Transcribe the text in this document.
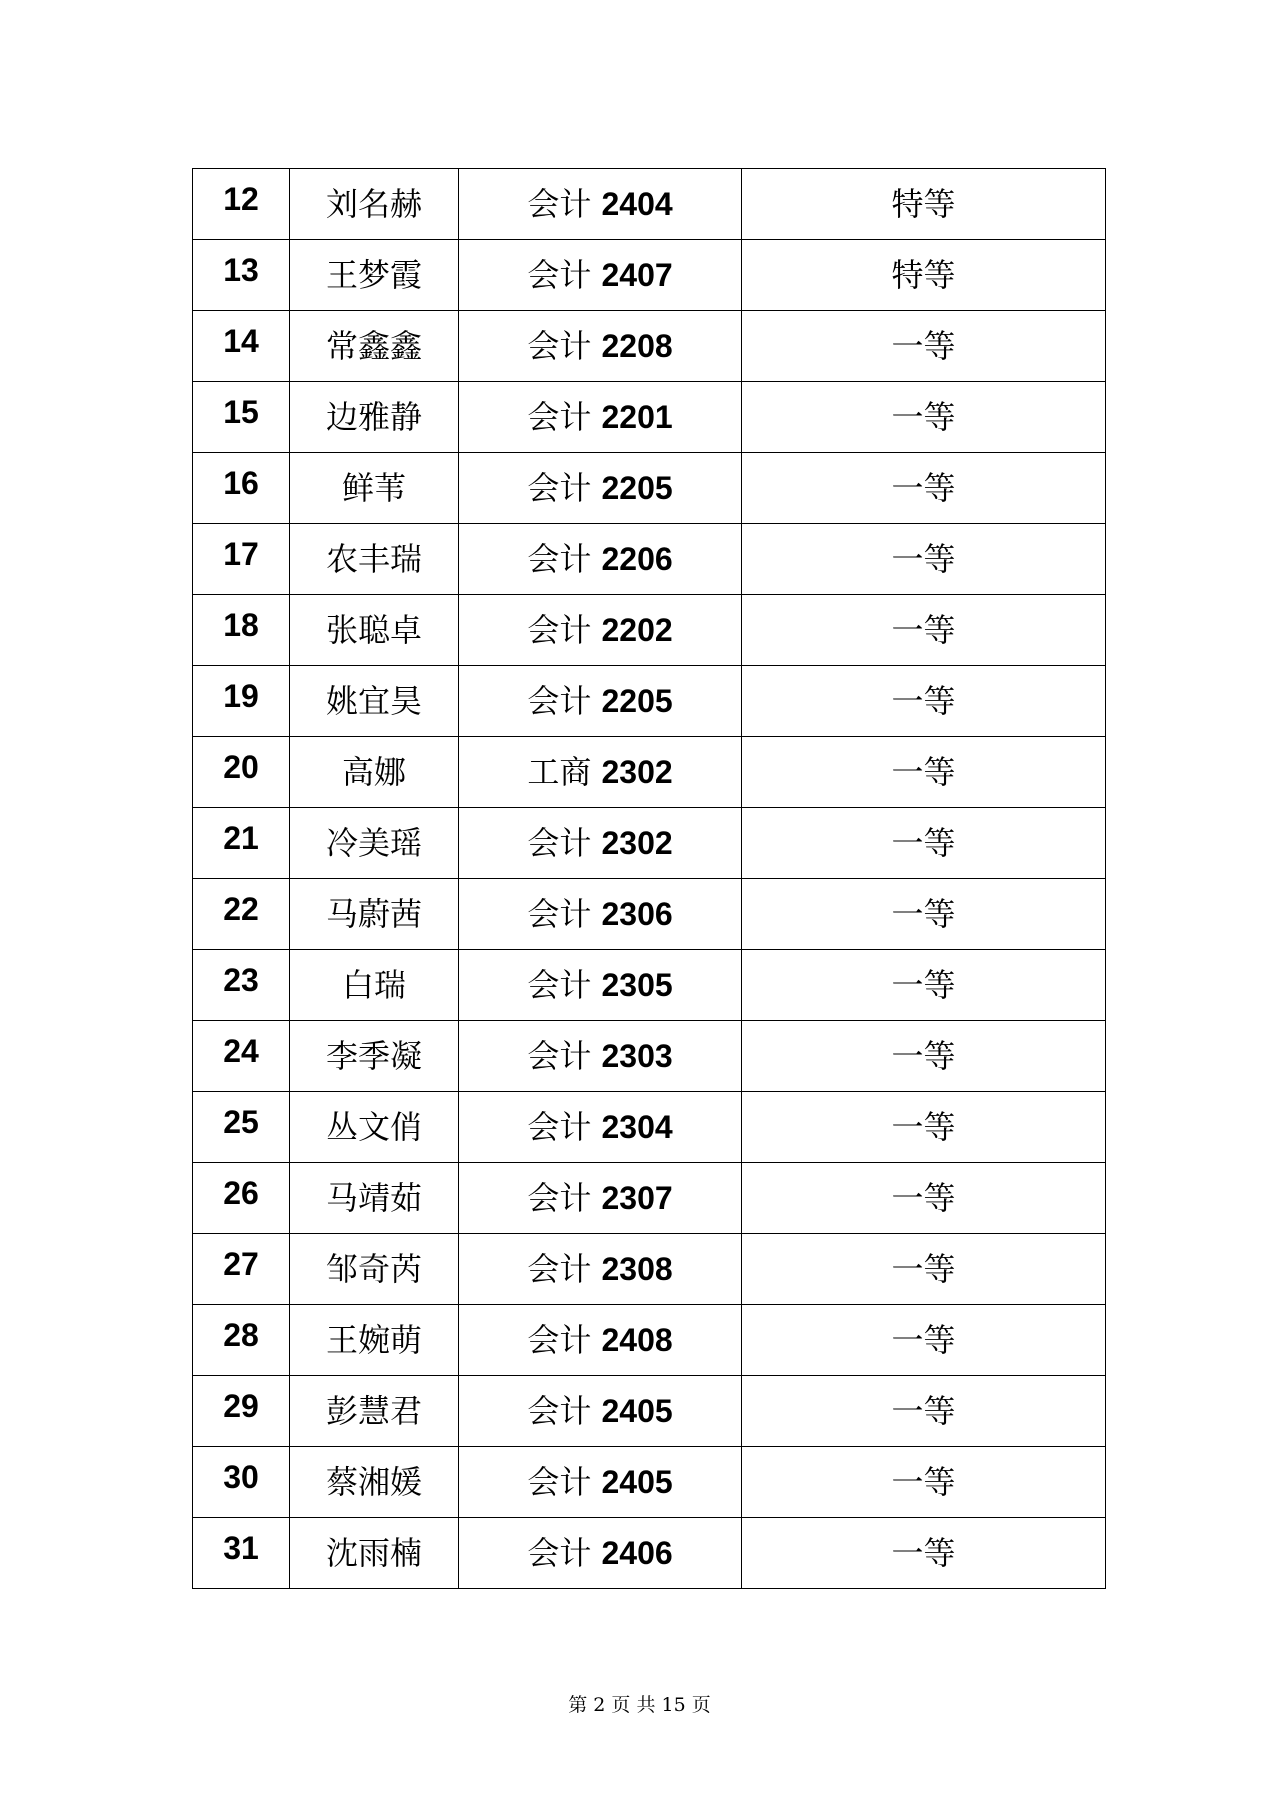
12	刘名赫	会计 2404	特等
13	王梦霞	会计 2407	特等
14	常鑫鑫	会计 2208	一等
15	边雅静	会计 2201	一等
16	鲜苇	会计 2205	一等
17	农丰瑞	会计 2206	一等
18	张聪卓	会计 2202	一等
19	姚宜昊	会计 2205	一等
20	高娜	工商 2302	一等
21	冷美瑶	会计 2302	一等
22	马蔚茜	会计 2306	一等
23	白瑞	会计 2305	一等
24	李季凝	会计 2303	一等
25	丛文俏	会计 2304	一等
26	马靖茹	会计 2307	一等
27	邹奇芮	会计 2308	一等
28	王婉萌	会计 2408	一等
29	彭慧君	会计 2405	一等
30	蔡湘媛	会计 2405	一等
31	沈雨楠	会计 2406	一等
第 2 页 共 15 页
